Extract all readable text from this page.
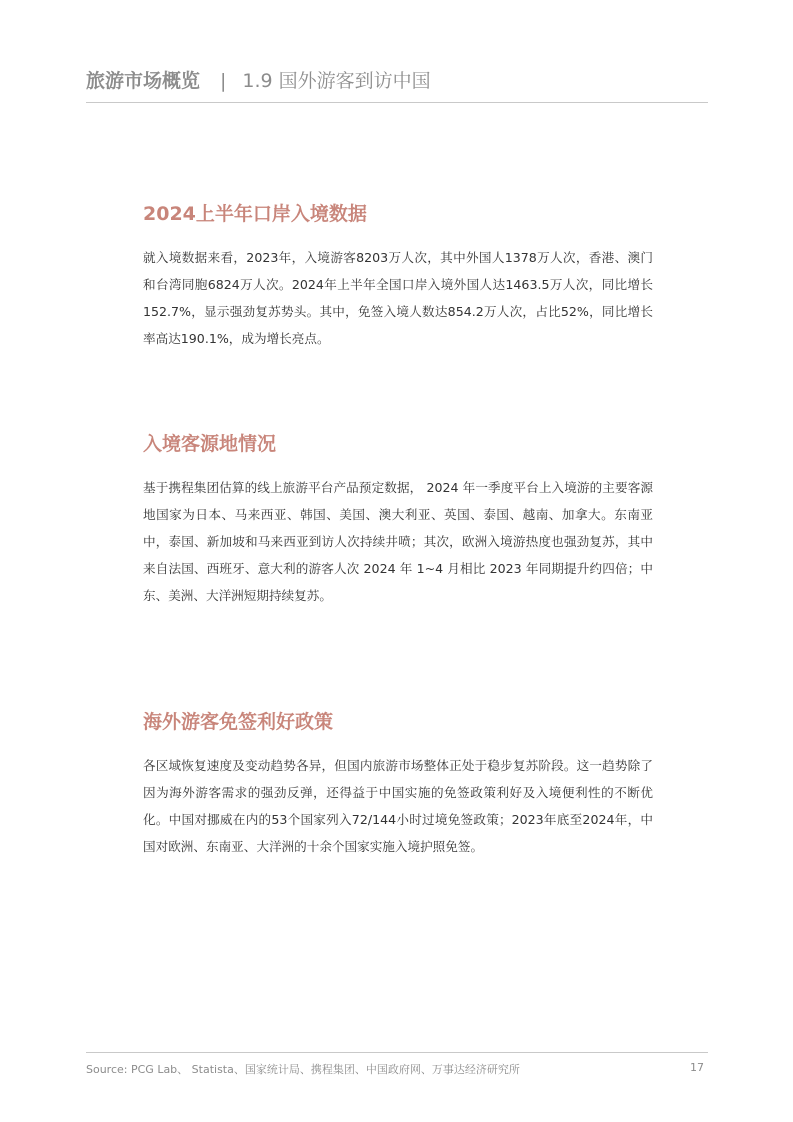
旅游市场概览 | 1.9 国外游客到访中国
2024上半年口岸入境数据

就入境数据来看，2023年，入境游客8203万人次，其中外国人1378万人次，香港、澳门和台湾同胞6824万人次。2024年上半年全国口岸入境外国人达1463.5万人次，同比增长152.7%，显示强劲复苏势头。其中，免签入境人数达854.2万人次，占比52%，同比增长率高达190.1%，成为增长亮点。

入境客源地情况

基于携程集团估算的线上旅游平台产品预定数据， 2024 年一季度平台上入境游的主要客源地国家为日本、马来西亚、韩国、美国、澳大利亚、英国、泰国、越南、加拿大。东南亚中，泰国、新加坡和马来西亚到访人次持续井喷；其次，欧洲入境游热度也强劲复苏，其中来自法国、西班牙、意大利的游客人次 2024 年 1~4 月相比 2023 年同期提升约四倍；中东、美洲、大洋洲短期持续复苏。

海外游客免签利好政策

各区域恢复速度及变动趋势各异，但国内旅游市场整体正处于稳步复苏阶段。这一趋势除了因为海外游客需求的强劲反弹，还得益于中国实施的免签政策利好及入境便利性的不断优化。中国对挪威在内的53个国家列入72/144小时过境免签政策；2023年底至2024年，中国对欧洲、东南亚、大洋洲的十余个国家实施入境护照免签。

Source: PCG Lab、 Statista、国家统计局、携程集团、中国政府网、万事达经济研究所	17
